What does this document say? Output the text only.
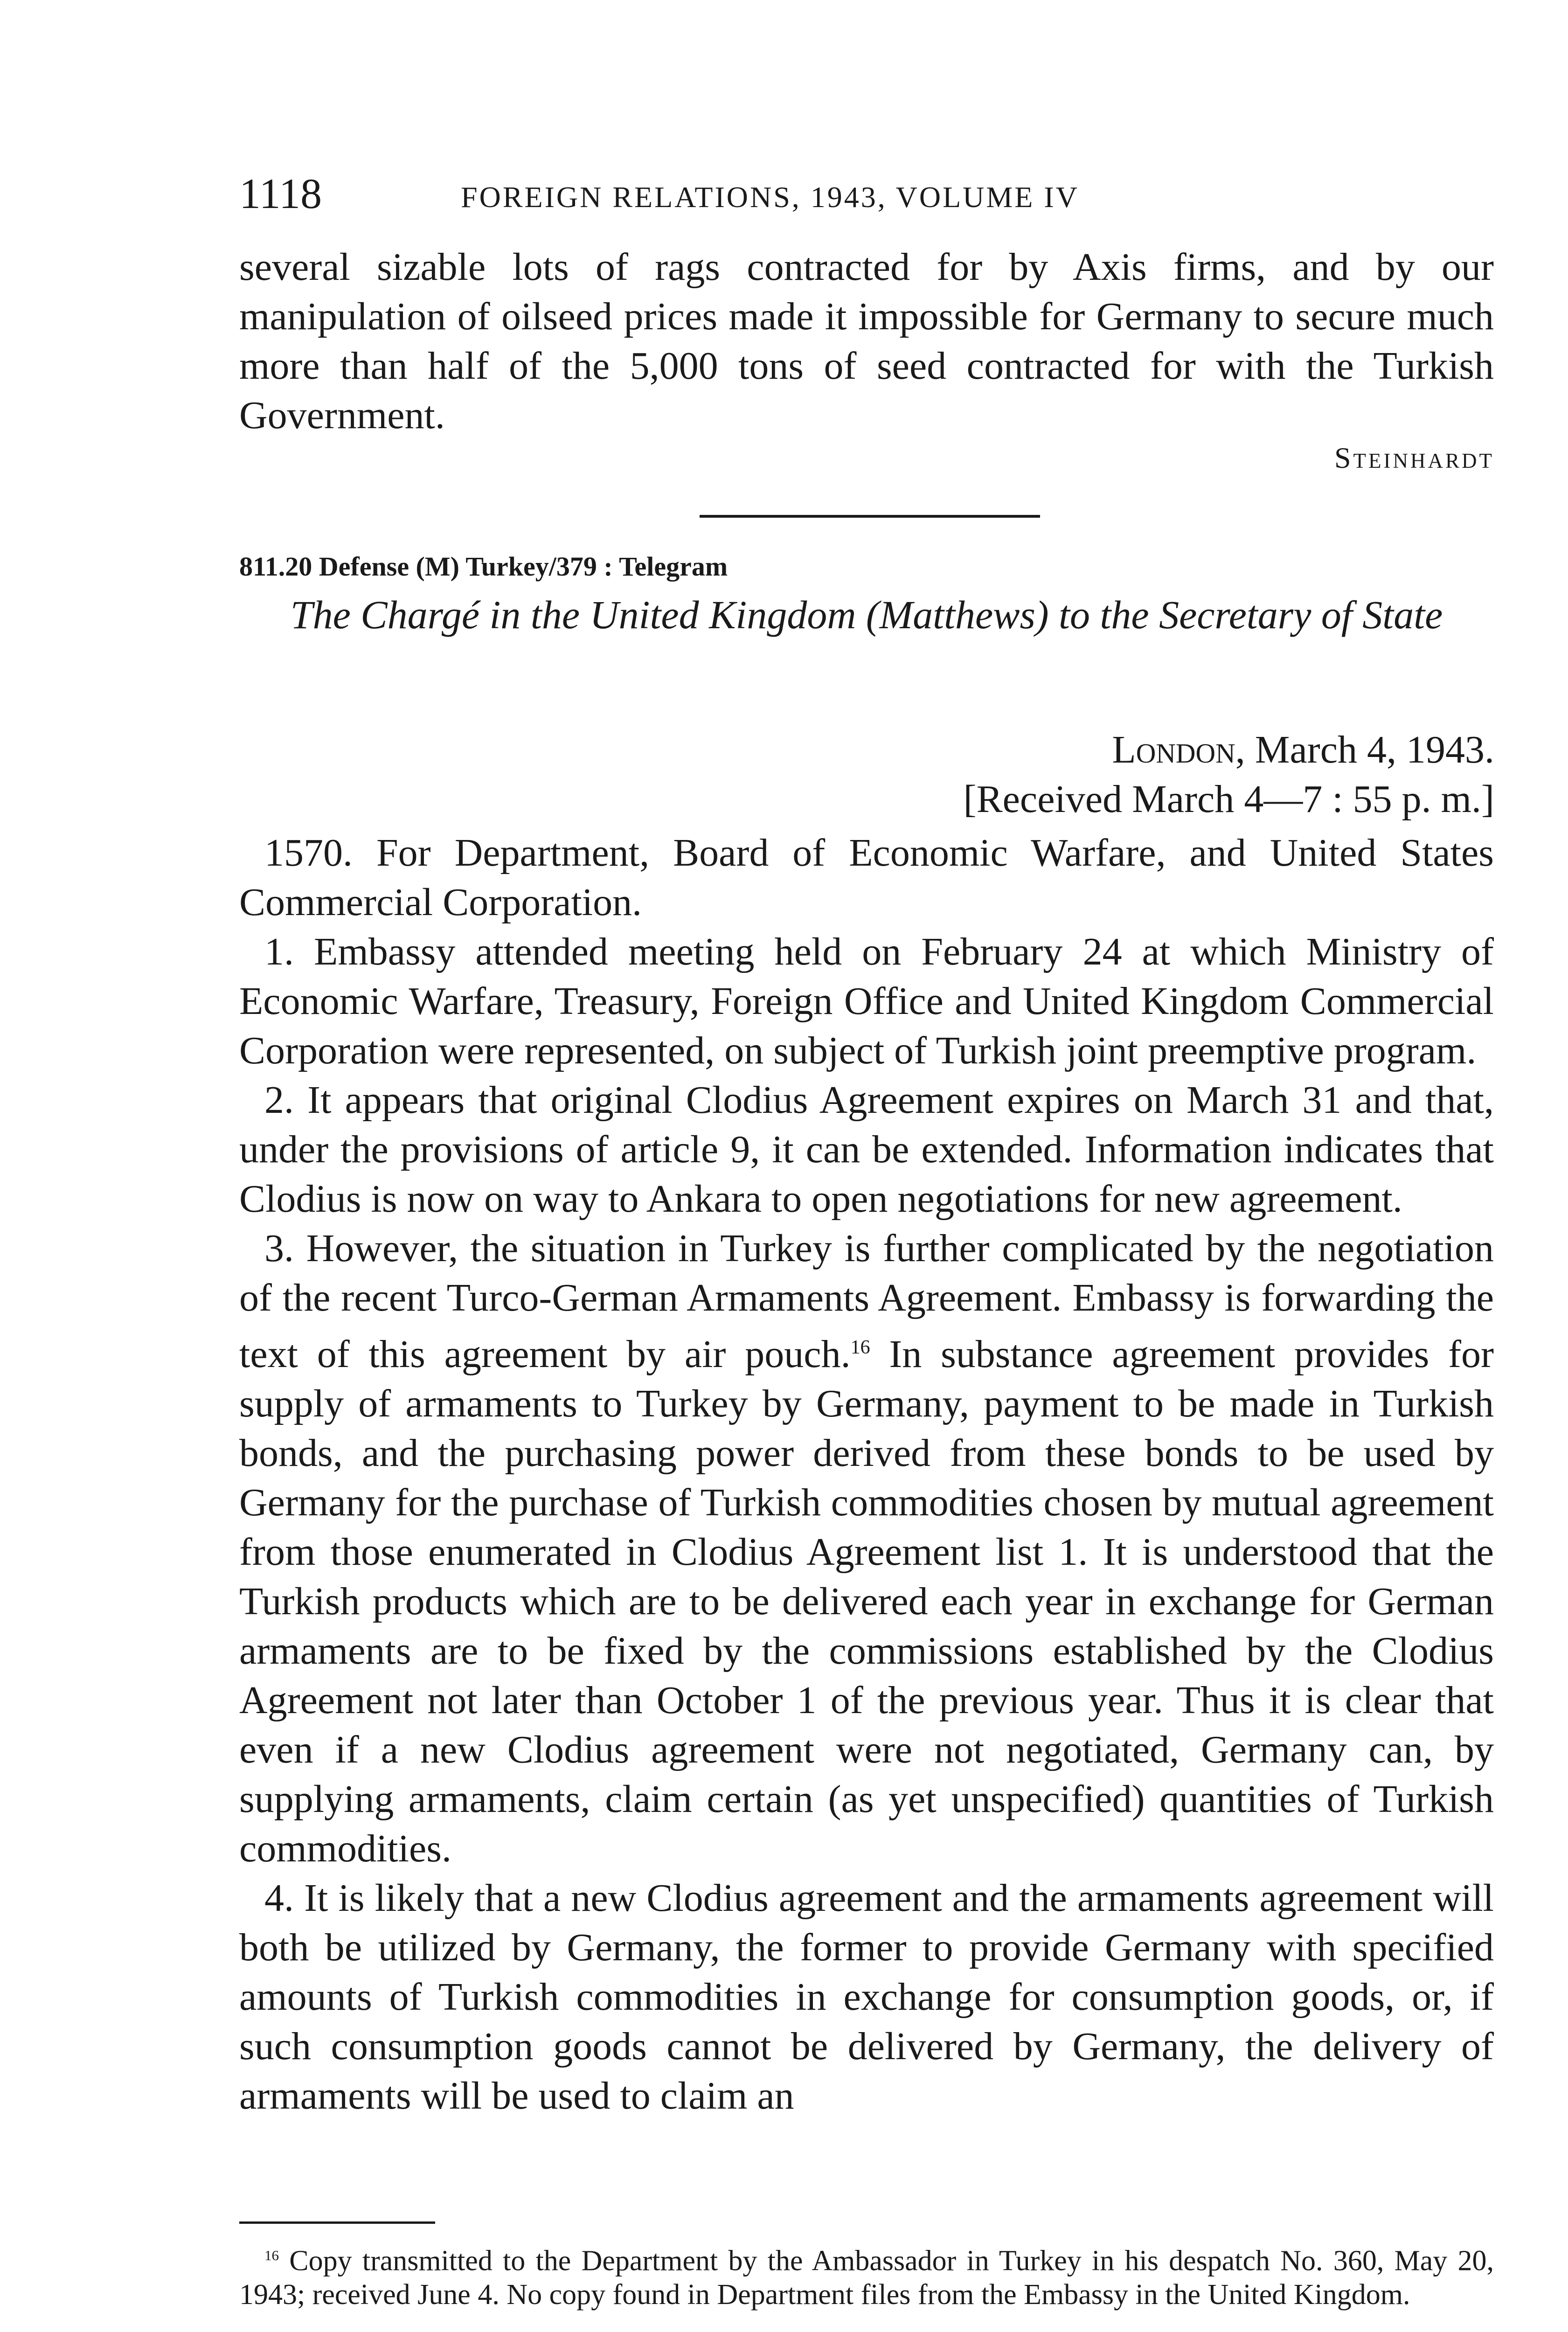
1118	FOREIGN RELATIONS, 1943, VOLUME IV
several sizable lots of rags contracted for by Axis firms, and by our manipulation of oilseed prices made it impossible for Germany to secure much more than half of the 5,000 tons of seed contracted for with the Turkish Government.
Steinhardt
811.20 Defense (M) Turkey/379 : Telegram
The Chargé in the United Kingdom (Matthews) to the Secretary of State
London, March 4, 1943.
[Received March 4—7 : 55 p. m.]

1570. For Department, Board of Economic Warfare, and United States Commercial Corporation.

1. Embassy attended meeting held on February 24 at which Ministry of Economic Warfare, Treasury, Foreign Office and United Kingdom Commercial Corporation were represented, on subject of Turkish joint preemptive program.

2. It appears that original Clodius Agreement expires on March 31 and that, under the provisions of article 9, it can be extended. Information indicates that Clodius is now on way to Ankara to open negotiations for new agreement.

3. However, the situation in Turkey is further complicated by the negotiation of the recent Turco-German Armaments Agreement. Embassy is forwarding the text of this agreement by air pouch.$^{16}$ In substance agreement provides for supply of armaments to Turkey by Germany, payment to be made in Turkish bonds, and the purchasing power derived from these bonds to be used by Germany for the purchase of Turkish commodities chosen by mutual agreement from those enumerated in Clodius Agreement list 1. It is understood that the Turkish products which are to be delivered each year in exchange for German armaments are to be fixed by the commissions established by the Clodius Agreement not later than October 1 of the previous year. Thus it is clear that even if a new Clodius agreement were not negotiated, Germany can, by supplying armaments, claim certain (as yet unspecified) quantities of Turkish commodities.

4. It is likely that a new Clodius agreement and the armaments agreement will both be utilized by Germany, the former to provide Germany with specified amounts of Turkish commodities in exchange for consumption goods, or, if such consumption goods cannot be delivered by Germany, the delivery of armaments will be used to claim an

$^{16}$ Copy transmitted to the Department by the Ambassador in Turkey in his despatch No. 360, May 20, 1943; received June 4. No copy found in Department files from the Embassy in the United Kingdom.
